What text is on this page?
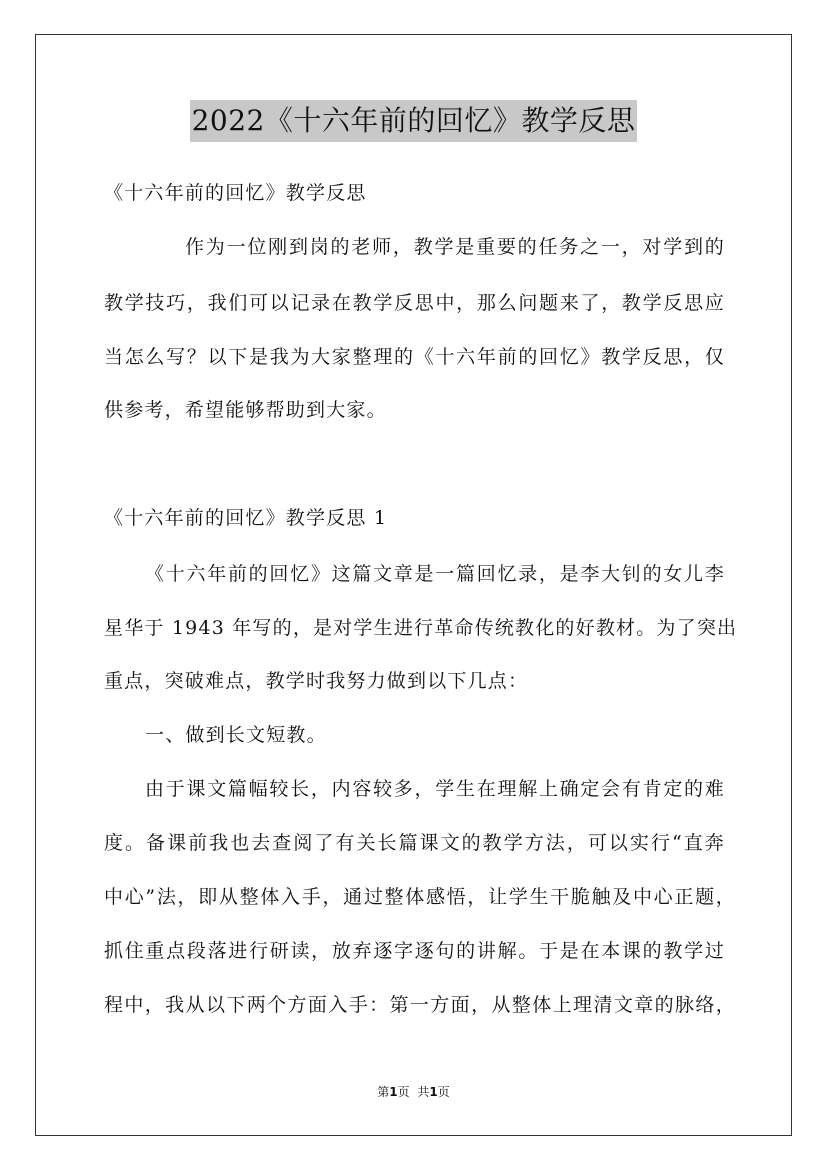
2022《十六年前的回忆》教学反思
《十六年前的回忆》教学反思
作为一位刚到岗的老师，教学是重要的任务之一，对学到的
教学技巧，我们可以记录在教学反思中，那么问题来了，教学反思应
当怎么写？以下是我为大家整理的《十六年前的回忆》教学反思，仅
供参考，希望能够帮助到大家。
《十六年前的回忆》教学反思 1
《十六年前的回忆》这篇文章是一篇回忆录，是李大钊的女儿李
星华于 1943 年写的，是对学生进行革命传统教化的好教材。为了突出
重点，突破难点，教学时我努力做到以下几点：
一、做到长文短教。
由于课文篇幅较长，内容较多，学生在理解上确定会有肯定的难
度。备课前我也去查阅了有关长篇课文的教学方法，可以实行“直奔
中心”法，即从整体入手，通过整体感悟，让学生干脆触及中心正题，
抓住重点段落进行研读，放弃逐字逐句的讲解。于是在本课的教学过
程中，我从以下两个方面入手：第一方面，从整体上理清文章的脉络，
第1页 共1页
